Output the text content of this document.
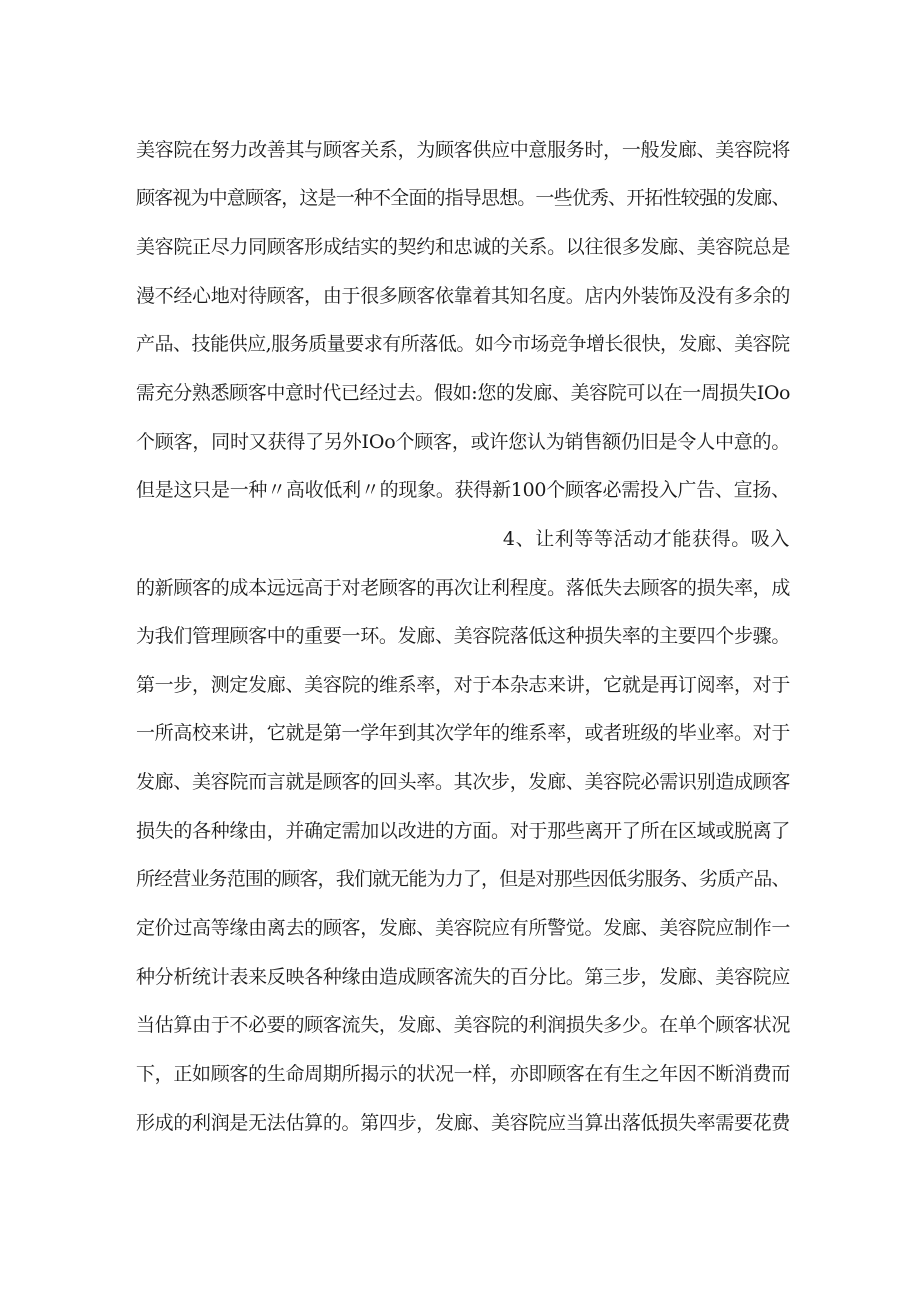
美容院在努力改善其与顾客关系，为顾客供应中意服务时，一般发廊、美容院将
顾客视为中意顾客，这是一种不全面的指导思想。一些优秀、开拓性较强的发廊、
美容院正尽力同顾客形成结实的契约和忠诚的关系。以往很多发廊、美容院总是
漫不经心地对待顾客，由于很多顾客依靠着其知名度。店内外装饰及没有多余的
产品、技能供应,服务质量要求有所落低。如今市场竞争增长很快，发廊、美容院
需充分熟悉顾客中意时代已经过去。假如:您的发廊、美容院可以在一周损失IOo
个顾客，同时又获得了另外IOo个顾客，或许您认为销售额仍旧是令人中意的。
但是这只是一种〃高收低利〃的现象。获得新100个顾客必需投入广告、宣扬、
4、让利等等活动才能获得。吸入
的新顾客的成本远远高于对老顾客的再次让利程度。落低失去顾客的损失率，成
为我们管理顾客中的重要一环。发廊、美容院落低这种损失率的主要四个步骤。
第一步，测定发廊、美容院的维系率，对于本杂志来讲，它就是再订阅率，对于
一所高校来讲，它就是第一学年到其次学年的维系率，或者班级的毕业率。对于
发廊、美容院而言就是顾客的回头率。其次步，发廊、美容院必需识别造成顾客
损失的各种缘由，并确定需加以改进的方面。对于那些离开了所在区域或脱离了
所经营业务范围的顾客，我们就无能为力了，但是对那些因低劣服务、劣质产品、
定价过高等缘由离去的顾客，发廊、美容院应有所警觉。发廊、美容院应制作一
种分析统计表来反映各种缘由造成顾客流失的百分比。第三步，发廊、美容院应
当估算由于不必要的顾客流失，发廊、美容院的利润损失多少。在单个顾客状况
下，正如顾客的生命周期所揭示的状况一样，亦即顾客在有生之年因不断消费而
形成的利润是无法估算的。第四步，发廊、美容院应当算出落低损失率需要花费
